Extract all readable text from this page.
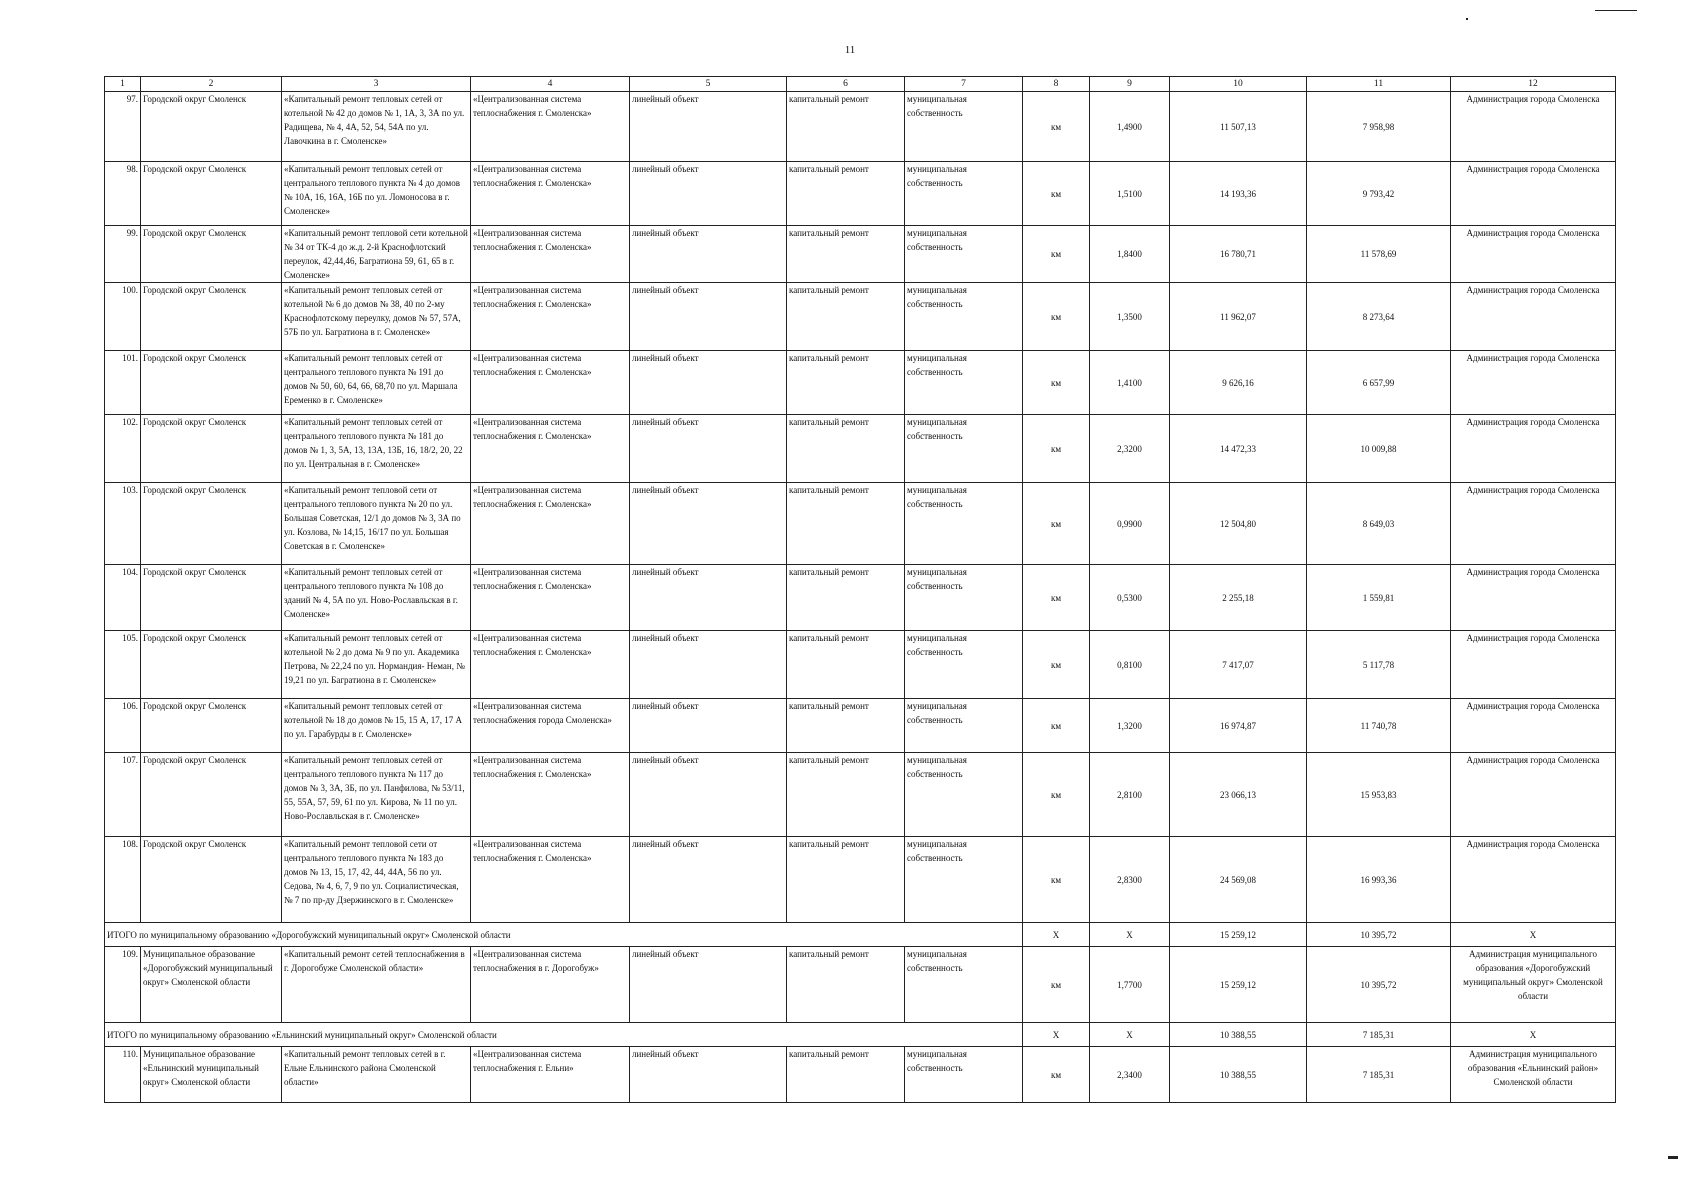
11
1	2	3	4	5	6	7	8	9	10	11	12
97.	Городской округ Смоленск	«Капитальный ремонт тепловых сетей от котельной № 42 до домов № 1, 1А, 3, 3А по ул. Радищева, № 4, 4А, 52, 54, 54А по ул. Лавочкина в г. Смоленске»	«Централизованная система теплоснабжения г. Смоленска»	линейный объект	капитальный ремонт	муниципальная собственность	км	1,4900	11 507,13	7 958,98	Администрация города Смоленска
98.	Городской округ Смоленск	«Капитальный ремонт тепловых сетей от центрального теплового пункта № 4 до домов № 10А, 16, 16А, 16Б по ул. Ломоносова в г. Смоленске»	«Централизованная система теплоснабжения г. Смоленска»	линейный объект	капитальный ремонт	муниципальная собственность	км	1,5100	14 193,36	9 793,42	Администрация города Смоленска
99.	Городской округ Смоленск	«Капитальный ремонт тепловой сети котельной № 34 от ТК-4 до ж.д. 2-й Краснофлотский переулок, 42,44,46, Багратиона 59, 61, 65 в г. Смоленске»	«Централизованная система теплоснабжения г. Смоленска»	линейный объект	капитальный ремонт	муниципальная собственность	км	1,8400	16 780,71	11 578,69	Администрация города Смоленска
100.	Городской округ Смоленск	«Капитальный ремонт тепловых сетей от котельной № 6 до домов № 38, 40 по 2-му Краснофлотскому переулку, домов № 57, 57А, 57Б по ул. Багратиона в г. Смоленске»	«Централизованная система теплоснабжения г. Смоленска»	линейный объект	капитальный ремонт	муниципальная собственность	км	1,3500	11 962,07	8 273,64	Администрация города Смоленска
101.	Городской округ Смоленск	«Капитальный ремонт тепловых сетей от центрального теплового пункта № 191 до домов № 50, 60, 64, 66, 68,70 по ул. Маршала Еременко в г. Смоленске»	«Централизованная система теплоснабжения г. Смоленска»	линейный объект	капитальный ремонт	муниципальная собственность	км	1,4100	9 626,16	6 657,99	Администрация города Смоленска
102.	Городской округ Смоленск	«Капитальный ремонт тепловых сетей от центрального теплового пункта № 181 до домов № 1, 3, 5А, 13, 13А, 13Б, 16, 18/2, 20, 22 по ул. Центральная в г. Смоленске»	«Централизованная система теплоснабжения г. Смоленска»	линейный объект	капитальный ремонт	муниципальная собственность	км	2,3200	14 472,33	10 009,88	Администрация города Смоленска
103.	Городской округ Смоленск	«Капитальный ремонт тепловой сети от центрального теплового пункта № 20 по ул. Большая Советская, 12/1 до домов № 3, 3А по ул. Козлова, № 14,15, 16/17 по ул. Большая Советская в г. Смоленске»	«Централизованная система теплоснабжения г. Смоленска»	линейный объект	капитальный ремонт	муниципальная собственность	км	0,9900	12 504,80	8 649,03	Администрация города Смоленска
104.	Городской округ Смоленск	«Капитальный ремонт тепловых сетей от центрального теплового пункта № 108 до зданий № 4, 5А по ул. Ново-Рославльская в г. Смоленске»	«Централизованная система теплоснабжения г. Смоленска»	линейный объект	капитальный ремонт	муниципальная собственность	км	0,5300	2 255,18	1 559,81	Администрация города Смоленска
105.	Городской округ Смоленск	«Капитальный ремонт тепловых сетей от котельной № 2 до дома № 9 по ул. Академика Петрова, № 22,24 по ул. Нормандия- Неман, № 19,21 по ул. Багратиона в г. Смоленске»	«Централизованная система теплоснабжения г. Смоленска»	линейный объект	капитальный ремонт	муниципальная собственность	км	0,8100	7 417,07	5 117,78	Администрация города Смоленска
106.	Городской округ Смоленск	«Капитальный ремонт тепловых сетей от котельной № 18 до домов № 15, 15 А, 17, 17 А по ул. Гарабурды в г. Смоленске»	«Централизованная система теплоснабжения города Смоленска»	линейный объект	капитальный ремонт	муниципальная собственность	км	1,3200	16 974,87	11 740,78	Администрация города Смоленска
107.	Городской округ Смоленск	«Капитальный ремонт тепловых сетей от центрального теплового пункта № 117 до домов № 3, 3А, 3Б, по ул. Панфилова, № 53/11, 55, 55А, 57, 59, 61 по ул. Кирова, № 11 по ул. Ново-Рославльская в г. Смоленске»	«Централизованная система теплоснабжения г. Смоленска»	линейный объект	капитальный ремонт	муниципальная собственность	км	2,8100	23 066,13	15 953,83	Администрация города Смоленска
108.	Городской округ Смоленск	«Капитальный ремонт тепловой сети от центрального теплового пункта № 183 до домов № 13, 15, 17, 42, 44, 44А, 56 по ул. Седова, № 4, 6, 7, 9 по ул. Социалистическая, № 7 по пр-ду Дзержинского в г. Смоленске»	«Централизованная система теплоснабжения г. Смоленска»	линейный объект	капитальный ремонт	муниципальная собственность	км	2,8300	24 569,08	16 993,36	Администрация города Смоленска
ИТОГО по муниципальному образованию «Дорогобужский муниципальный округ» Смоленской области							Х	Х	15 259,12	10 395,72	Х
109.	Муниципальное образование «Дорогобужский муниципальный округ» Смоленской области	«Капитальный ремонт сетей теплоснабжения в г. Дорогобуже Смоленской области»	«Централизованная система теплоснабжения в г. Дорогобуж»	линейный объект	капитальный ремонт	муниципальная собственность	км	1,7700	15 259,12	10 395,72	Администрация муниципального образования «Дорогобужский муниципальный округ» Смоленской области
ИТОГО по муниципальному образованию «Ельнинский муниципальный округ» Смоленской области							Х	Х	10 388,55	7 185,31	Х
110.	Муниципальное образование «Ельнинский муниципальный округ» Смоленской области	«Капитальный ремонт тепловых сетей в г. Ельне Ельнинского района Смоленской области»	«Централизованная система теплоснабжения г. Ельни»	линейный объект	капитальный ремонт	муниципальная собственность	км	2,3400	10 388,55	7 185,31	Администрация муниципального образования «Ельнинский район» Смоленской области
